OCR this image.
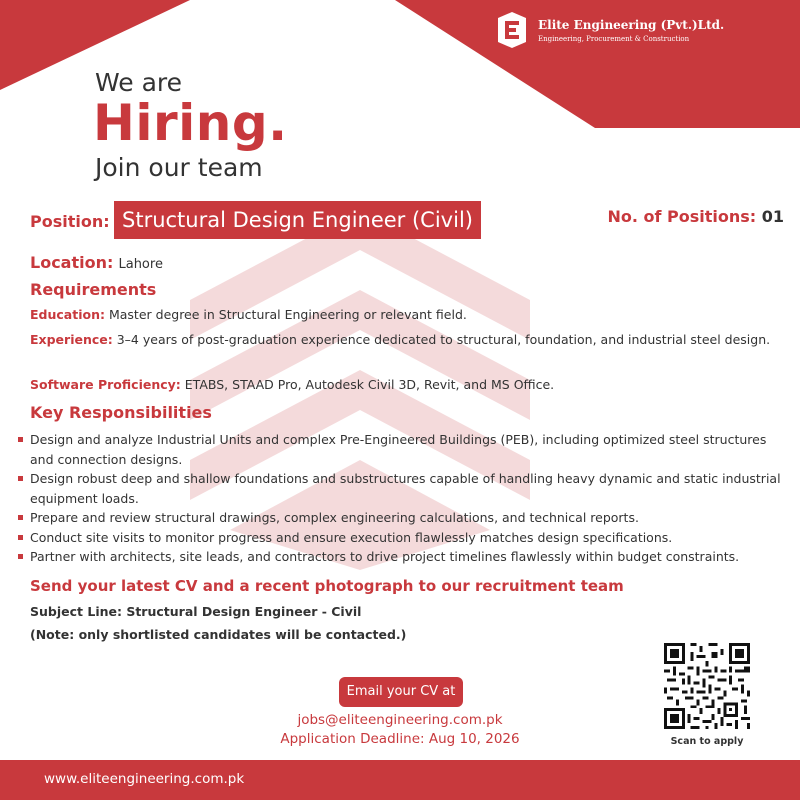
Elite Engineering (Pvt.)Ltd.
Engineering, Procurement & Construction
We are
Hiring.
Join our team
Position: Structural Design Engineer (Civil)	No. of Positions: 01
Location: Lahore
Requirements
Education: Master degree in Structural Engineering or relevant field.
Experience: 3–4 years of post-graduation experience dedicated to structural, foundation, and industrial steel design.
Software Proficiency: ETABS, STAAD Pro, Autodesk Civil 3D, Revit, and MS Office.
Key Responsibilities
Design and analyze Industrial Units and complex Pre-Engineered Buildings (PEB), including optimized steel structures and connection designs.
Design robust deep and shallow foundations and substructures capable of handling heavy dynamic and static industrial equipment loads.
Prepare and review structural drawings, complex engineering calculations, and technical reports.
Conduct site visits to monitor progress and ensure execution flawlessly matches design specifications.
Partner with architects, site leads, and contractors to drive project timelines flawlessly within budget constraints.
Send your latest CV and a recent photograph to our recruitment team
Subject Line: Structural Design Engineer - Civil
(Note: only shortlisted candidates will be contacted.)
Email your CV at
jobs@eliteengineering.com.pk
Application Deadline: Aug 10, 2026	Scan to apply
www.eliteengineering.com.pk
